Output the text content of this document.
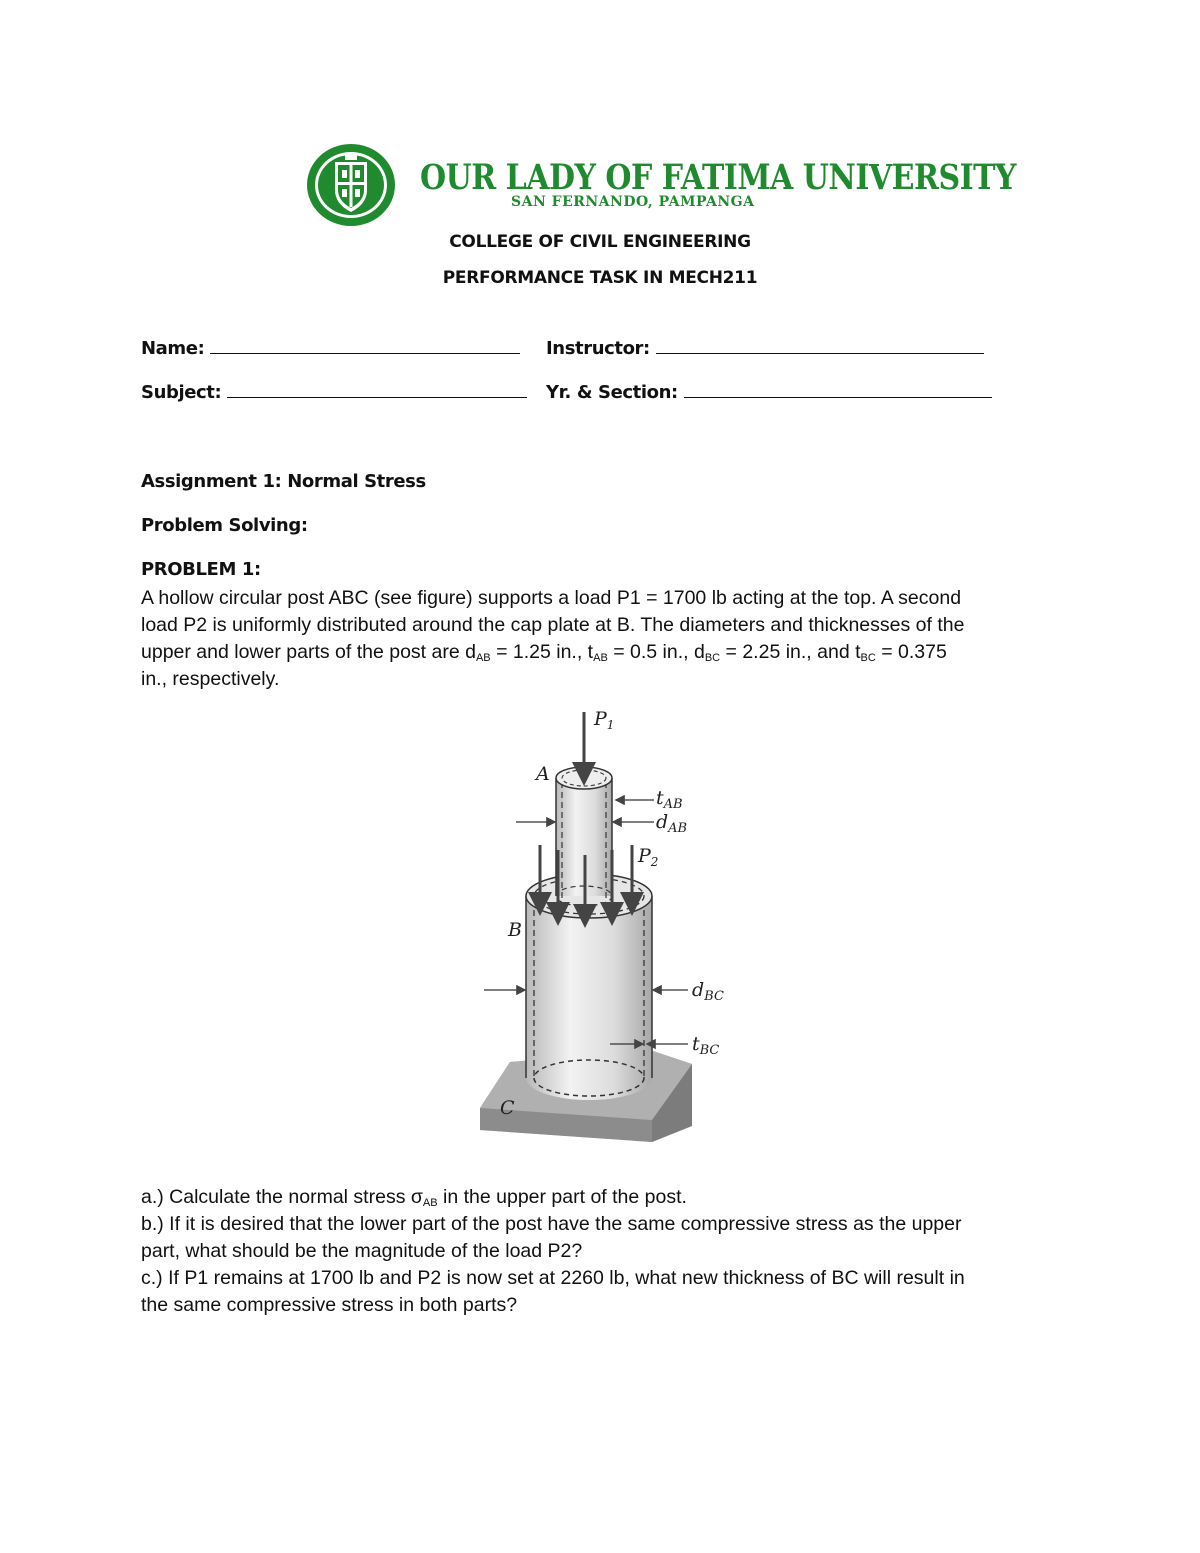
OUR LADY OF FATIMA UNIVERSITY
SAN FERNANDO, PAMPANGA
COLLEGE OF CIVIL ENGINEERING
PERFORMANCE TASK IN MECH211
Name:	Instructor:
Subject:	Yr. & Section:
Assignment 1: Normal Stress
Problem Solving:
PROBLEM 1:

A hollow circular post ABC (see figure) supports a load P1 = 1700 lb acting at the top. A second

load P2 is uniformly distributed around the cap plate at B. The diameters and thicknesses of the

upper and lower parts of the post are $d_{AB} = 1.25$ in., $t_{AB} = 0.5$ in., $d_{BC} = 2.25$ in., and $t_{BC} = 0.375$

in., respectively.

$P_1$
A
$t_{AB}$
$d_{AB}$
$P_2$
B
$d_{BC}$
$t_{BC}$
C

a.) Calculate the normal stress $\sigma_{AB}$ in the upper part of the post.

b.) If it is desired that the lower part of the post have the same compressive stress as the upper

part, what should be the magnitude of the load P2?

c.) If P1 remains at 1700 lb and P2 is now set at 2260 lb, what new thickness of BC will result in

the same compressive stress in both parts?
